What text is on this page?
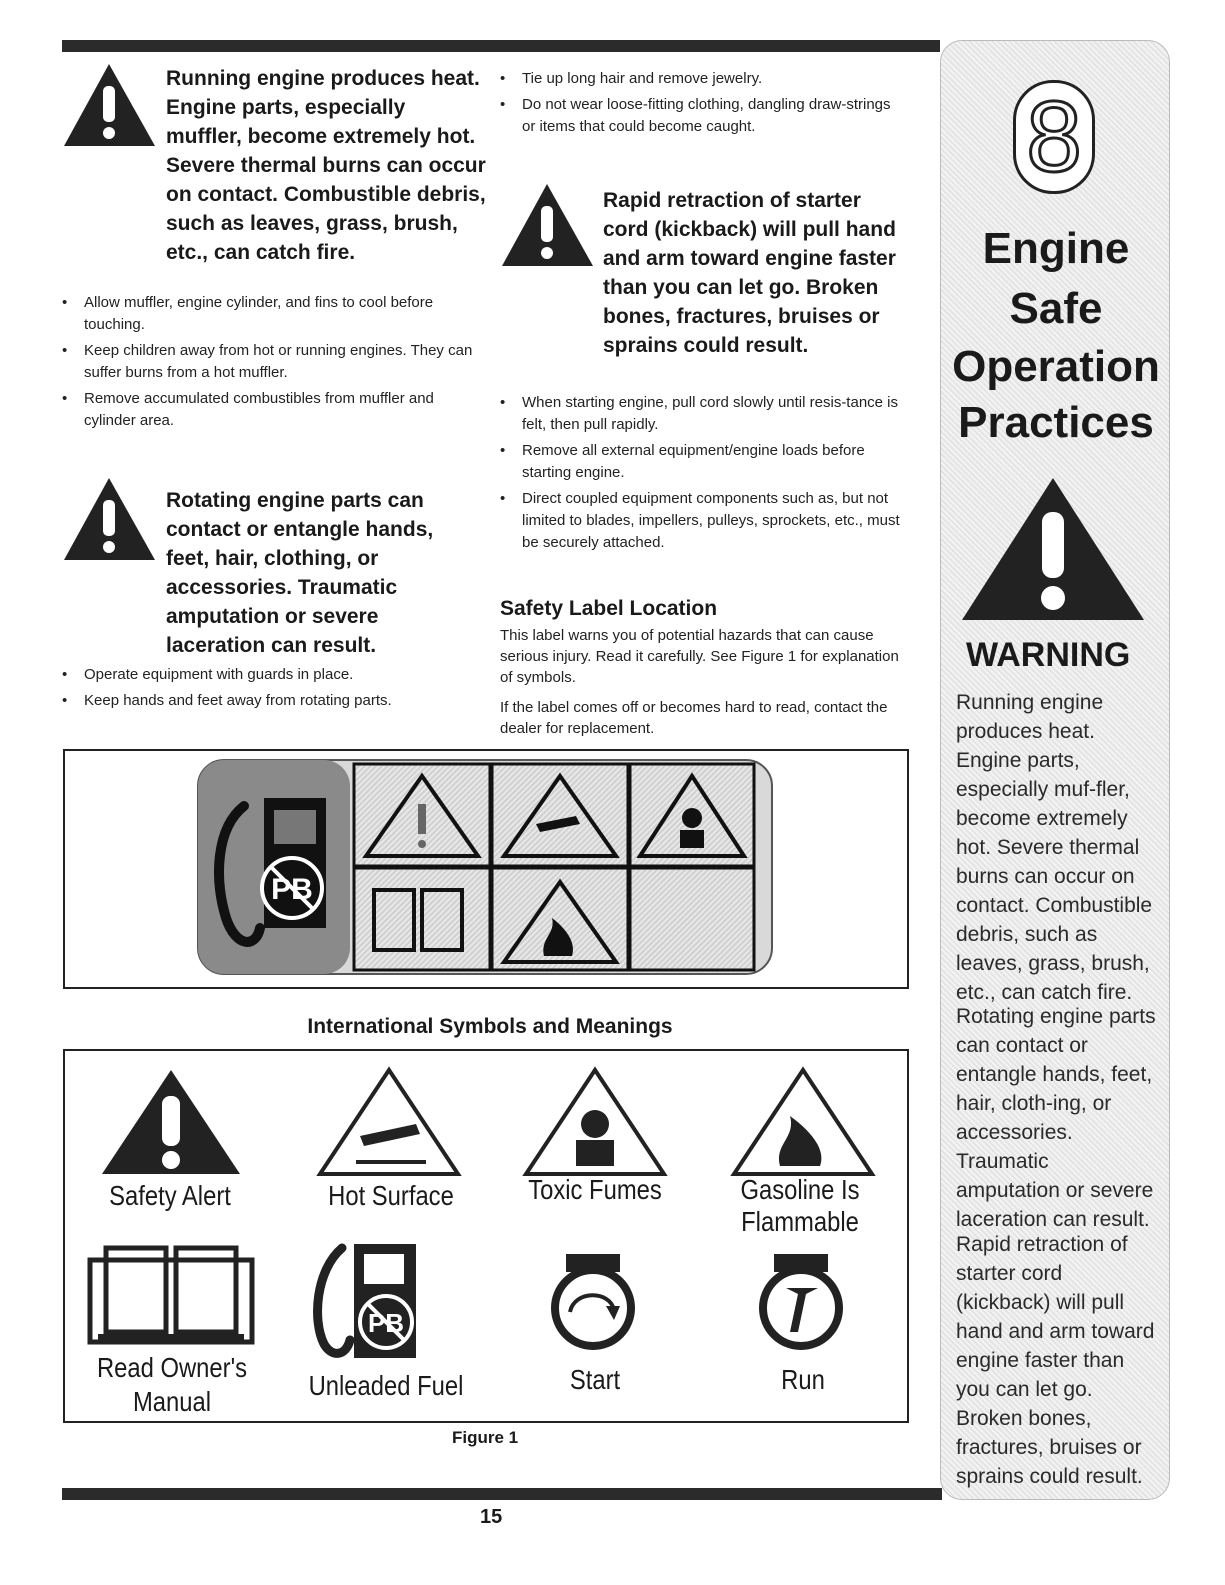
Running engine produces heat. Engine parts, especially muffler, become extremely hot. Severe thermal burns can occur on contact. Combustible debris, such as leaves, grass, brush, etc., can catch fire.

• Allow muffler, engine cylinder, and fins to cool before touching.
• Keep children away from hot or running engines. They can suffer burns from a hot muffler.
• Remove accumulated combustibles from muffler and cylinder area.

Rotating engine parts can contact or entangle hands, feet, hair, clothing, or accessories. Traumatic amputation or severe laceration can result.

• Operate equipment with guards in place.
• Keep hands and feet away from rotating parts.
• Tie up long hair and remove jewelry.
• Do not wear loose-fitting clothing, dangling draw-strings or items that could become caught.

Rapid retraction of starter cord (kickback) will pull hand and arm toward engine faster than you can let go. Broken bones, fractures, bruises or sprains could result.

• When starting engine, pull cord slowly until resis-tance is felt, then pull rapidly.
• Remove all external equipment/engine loads before starting engine.
• Direct coupled equipment components such as, but not limited to blades, impellers, pulleys, sprockets, etc., must be securely attached.

Safety Label Location

This label warns you of potential hazards that can cause serious injury. Read it carefully. See Figure 1 for explanation of symbols.

If the label comes off or becomes hard to read, contact the dealer for replacement.

PB

International Symbols and Meanings

Safety Alert	Hot Surface	Toxic Fumes	Gasoline Is

Flammable

PB

Read Owner's

Manual

Unleaded Fuel	Start	Run

Figure 1

15

8

Engine

Safe

Operation

Practices

WARNING

Running engine produces heat. Engine parts, especially muf-fler, become extremely hot. Severe thermal burns can occur on contact. Combustible debris, such as leaves, grass, brush, etc., can catch fire.

Rotating engine parts can contact or entangle hands, feet, hair, cloth-ing, or accessories. Traumatic amputation or severe laceration can result.

Rapid retraction of starter cord (kickback) will pull hand and arm toward engine faster than you can let go. Broken bones, fractures, bruises or sprains could result.
